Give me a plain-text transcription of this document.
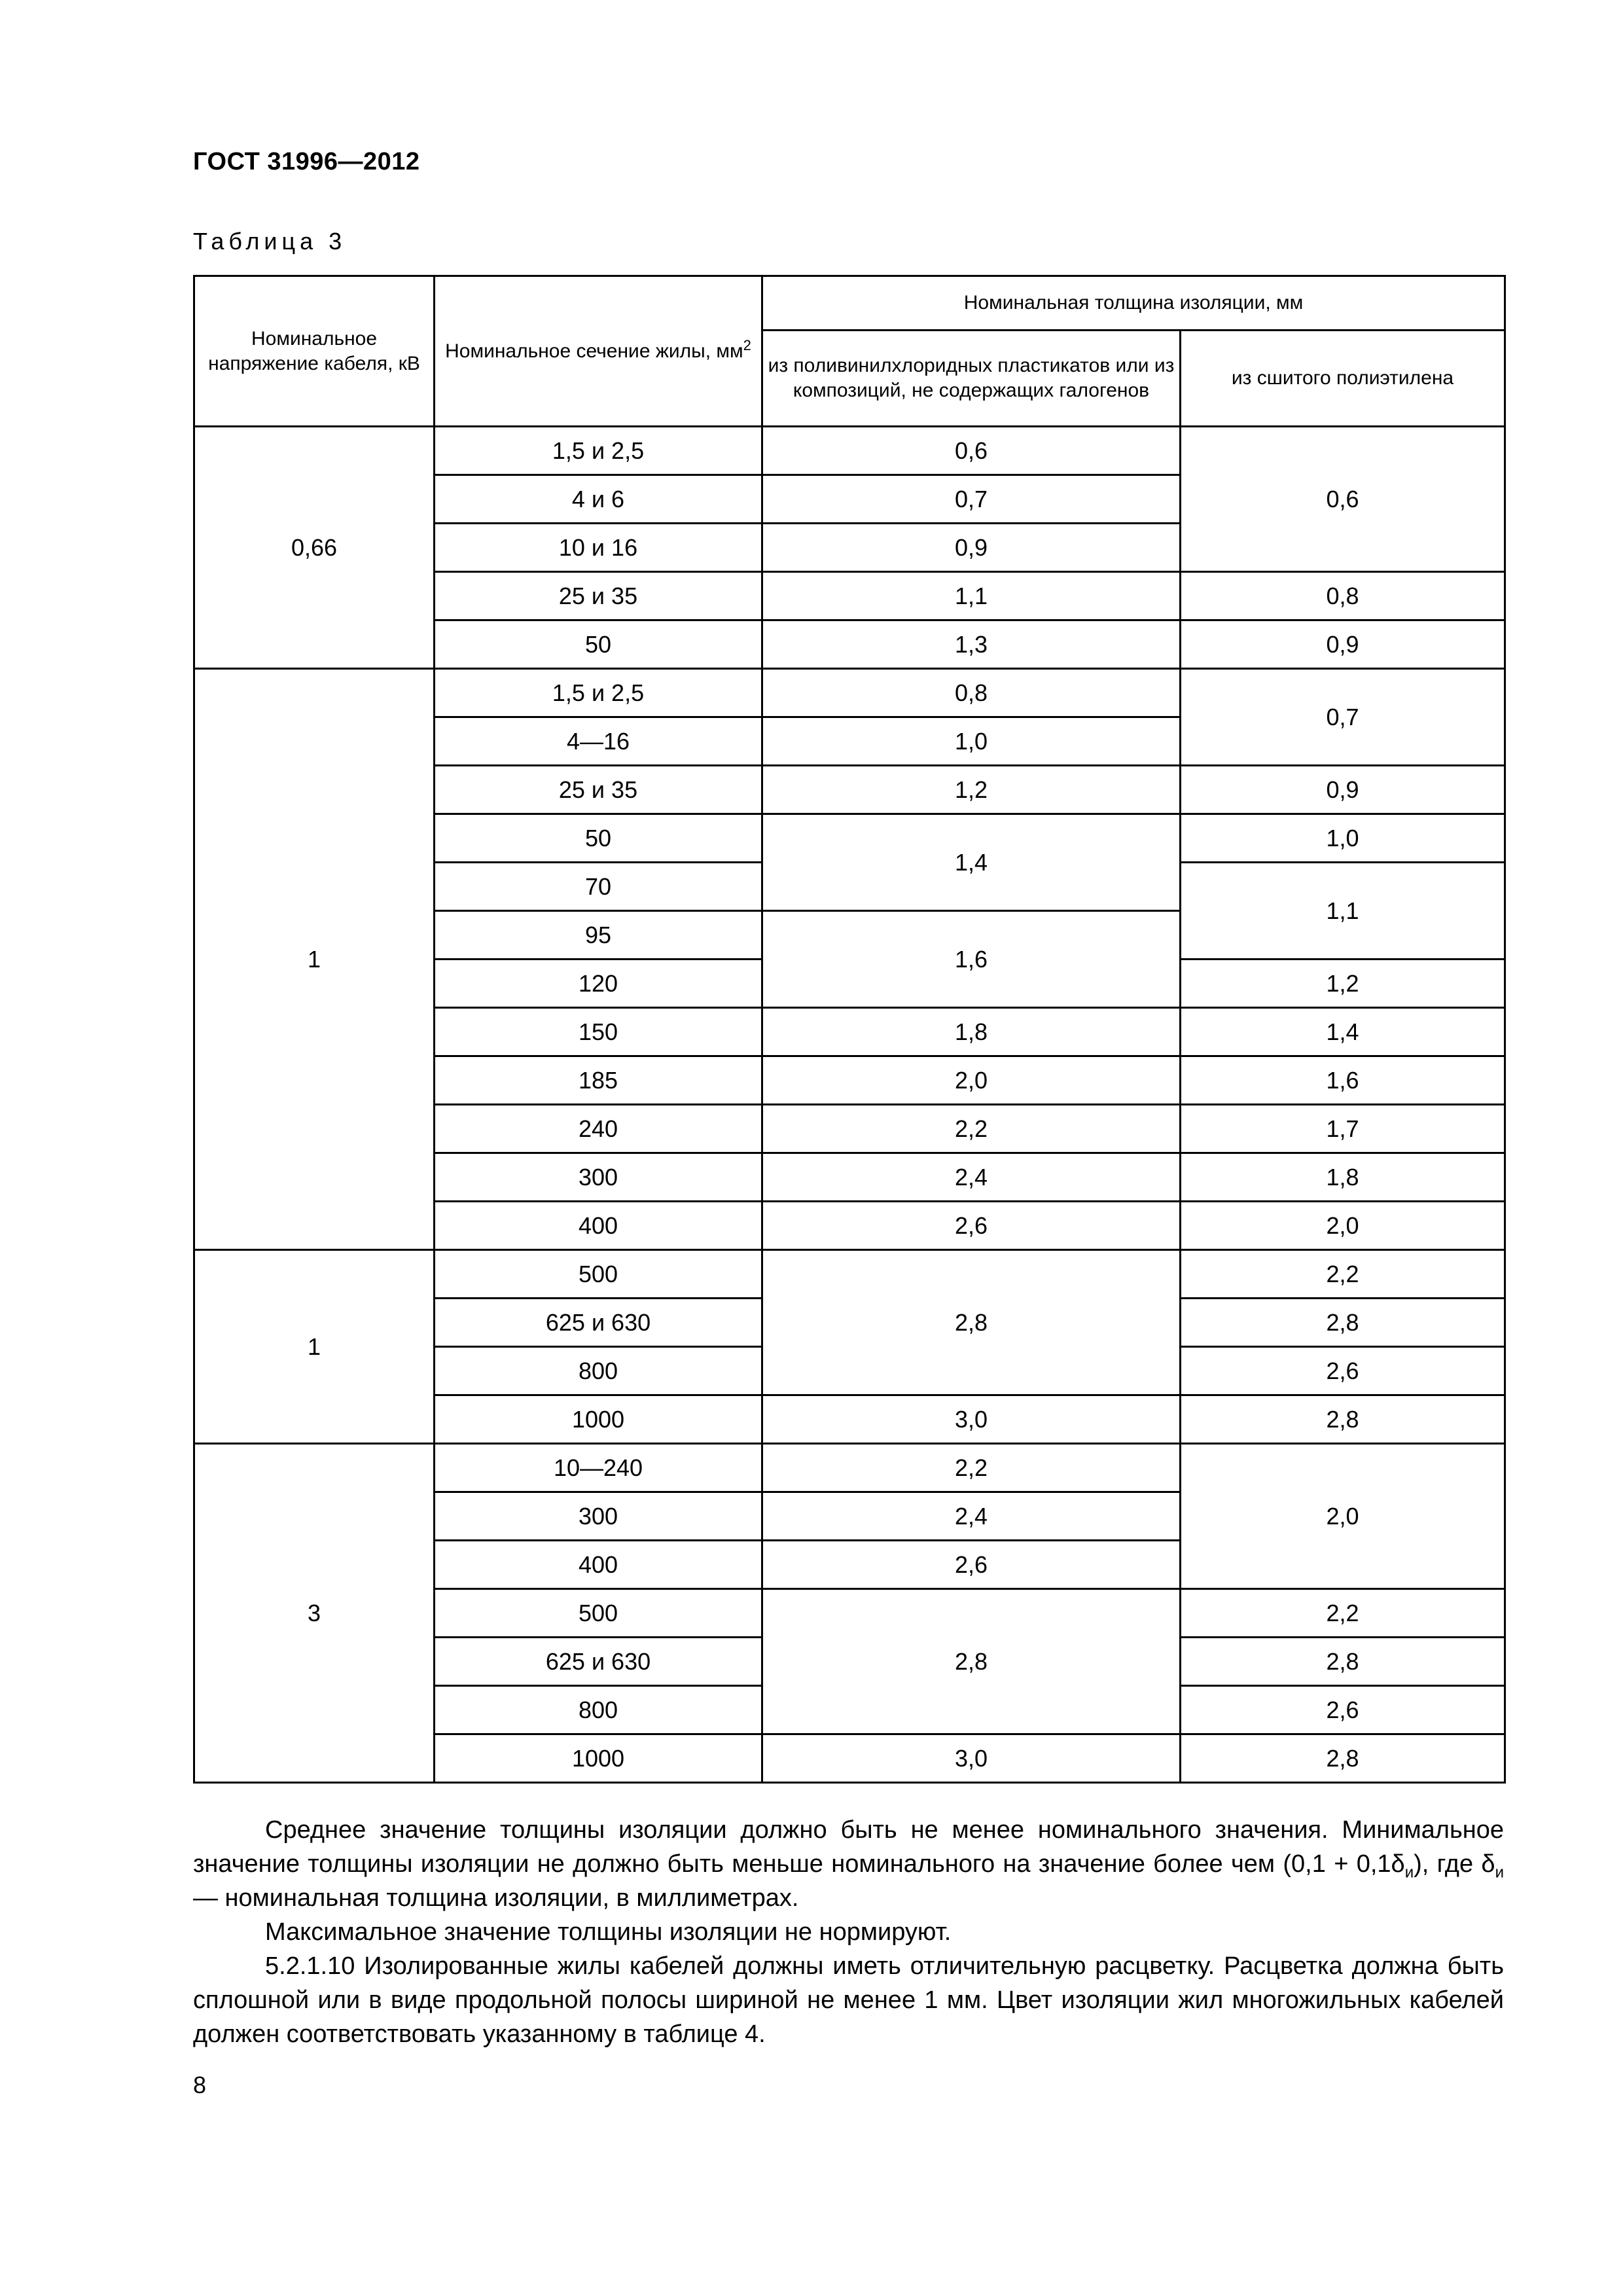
ГОСТ 31996—2012
Таблица 3
Номинальное напряжение кабеля, кВ	Номинальное сечение жилы, $мм^2$	Номинальная толщина изоляции, мм	
		из поливинилхлоридных пластикатов или из композиций, не содержащих галогенов	из сшитого полиэтилена
0,66	1,5 и 2,5	0,6	0,6
	4 и 6	0,7	
	10 и 16	0,9	
	25 и 35	1,1	0,8
	50	1,3	0,9
1	1,5 и 2,5	0,8	0,7
	4—16	1,0	
	25 и 35	1,2	0,9
	50	1,4	1,0
	70		1,1
	95	1,6	
	120		1,2
	150	1,8	1,4
	185	2,0	1,6
	240	2,2	1,7
	300	2,4	1,8
	400	2,6	2,0
1	500	2,8	2,2
	625 и 630		2,8
	800		2,6
	1000	3,0	2,8
3	10—240	2,2	2,0
	300	2,4	
	400	2,6	
	500	2,8	2,2
	625 и 630		2,8
	800		2,6
	1000	3,0	2,8

Среднее значение толщины изоляции должно быть не менее номинального значения. Минимальное значение толщины изоляции не должно быть меньше номинального на значение более чем $(0,1 + 0,1\delta_и)$, где $\delta_и$ — номинальная толщина изоляции, в миллиметрах.

Максимальное значение толщины изоляции не нормируют.

5.2.1.10 Изолированные жилы кабелей должны иметь отличительную расцветку. Расцветка должна быть сплошной или в виде продольной полосы шириной не менее 1 мм. Цвет изоляции жил многожильных кабелей должен соответствовать указанному в таблице 4.

8
